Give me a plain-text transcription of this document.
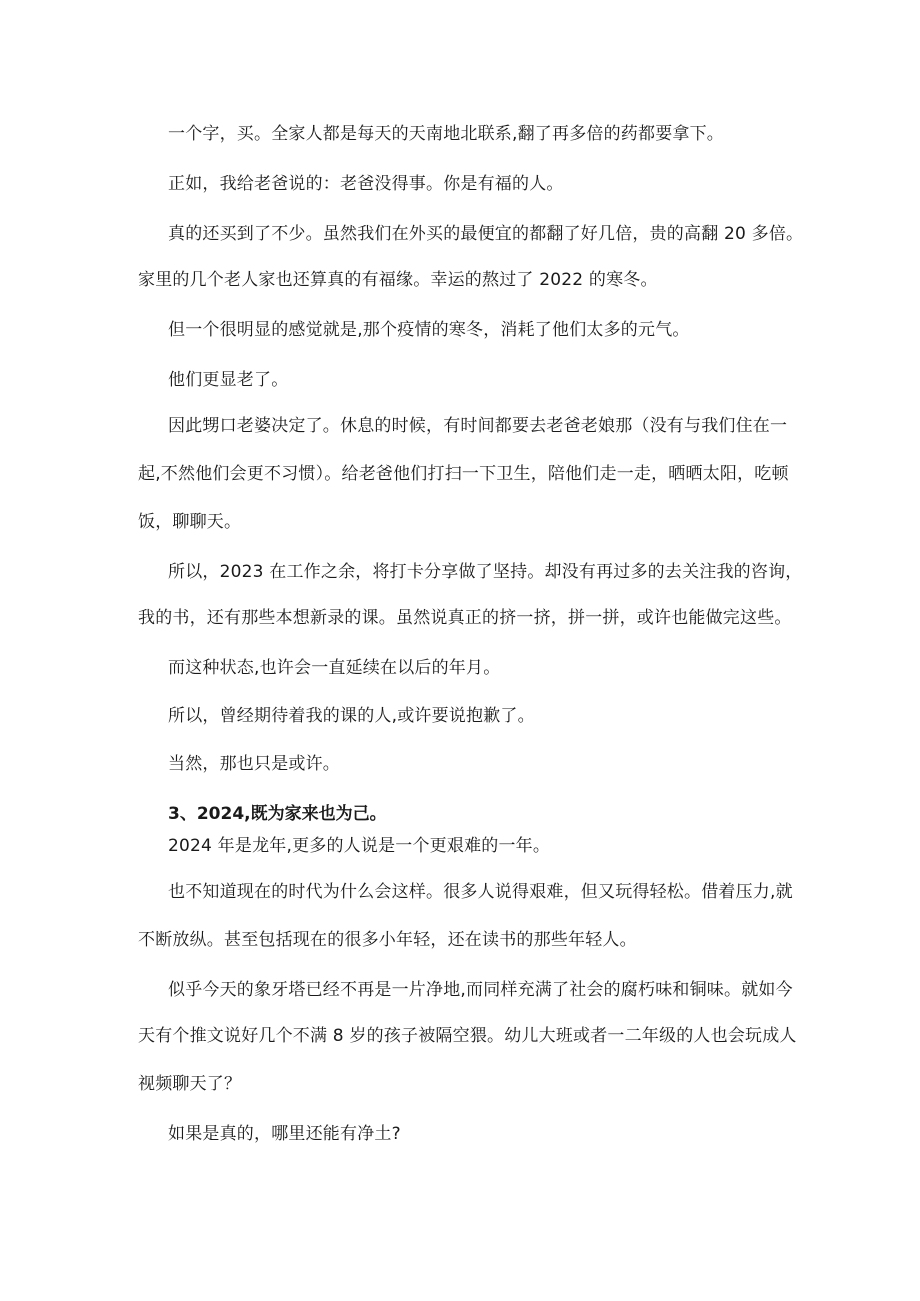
一个字，买。全家人都是每天的天南地北联系,翻了再多倍的药都要拿下。

正如，我给老爸说的：老爸没得事。你是有福的人。

真的还买到了不少。虽然我们在外买的最便宜的都翻了好几倍，贵的高翻 20 多倍。

家里的几个老人家也还算真的有福缘。幸运的熬过了 2022 的寒冬。

但一个很明显的感觉就是,那个疫情的寒冬，消耗了他们太多的元气。

他们更显老了。

因此甥口老婆决定了。休息的时候，有时间都要去老爸老娘那（没有与我们住在一

起,不然他们会更不习惯）。给老爸他们打扫一下卫生，陪他们走一走，晒晒太阳，吃顿

饭，聊聊天。

所以，2023 在工作之余，将打卡分享做了坚持。却没有再过多的去关注我的咨询，

我的书，还有那些本想新录的课。虽然说真正的挤一挤，拼一拼，或许也能做完这些。

而这种状态,也许会一直延续在以后的年月。

所以，曾经期待着我的课的人,或许要说抱歉了。

当然，那也只是或许。

3、2024,既为家来也为己。

2024 年是龙年,更多的人说是一个更艰难的一年。

也不知道现在的时代为什么会这样。很多人说得艰难，但又玩得轻松。借着压力,就

不断放纵。甚至包括现在的很多小年轻，还在读书的那些年轻人。

似乎今天的象牙塔已经不再是一片净地,而同样充满了社会的腐朽味和铜味。就如今

天有个推文说好几个不满 8 岁的孩子被隔空猥。幼儿大班或者一二年级的人也会玩成人

视频聊天了？

如果是真的，哪里还能有净土?
